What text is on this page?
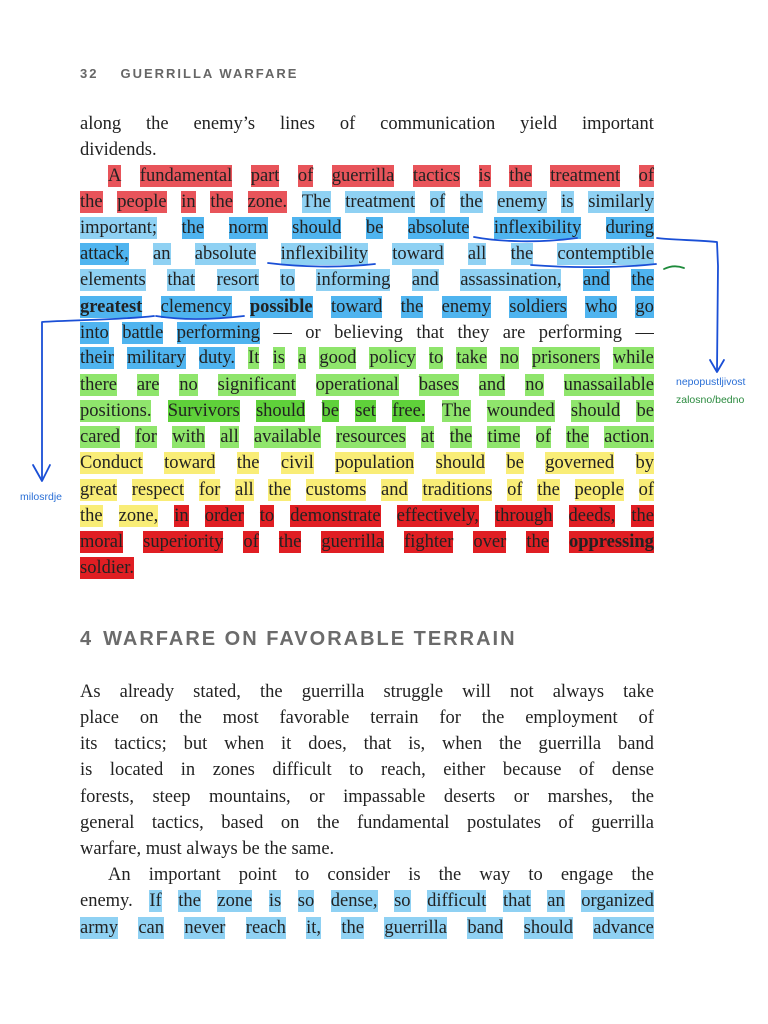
32 GUERRILLA WARFARE
along the enemy’s lines of communication yield important
dividends.
A fundamental part of guerrilla tactics is the treatment of
the people in the zone. The treatment of the enemy is similarly
important; the norm should be absolute inflexibility during
attack, an absolute inflexibility toward all the contemptible
elements that resort to informing and assassination, and the
greatest clemency possible toward the enemy soldiers who go
into battle performing — or believing that they are performing —
their military duty. It is a good policy to take no prisoners while
there are no significant operational bases and no unassailable
positions. Survivors should be set free. The wounded should be
cared for with all available resources at the time of the action.
Conduct toward the civil population should be governed by
great respect for all the customs and traditions of the people of
the zone, in order to demonstrate effectively, through deeds, the
moral superiority of the guerrilla fighter over the oppressing
soldier.
As already stated, the guerrilla struggle will not always take
place on the most favorable terrain for the employment of
its tactics; but when it does, that is, when the guerrilla band
is located in zones difficult to reach, either because of dense
forests, steep mountains, or impassable deserts or marshes, the
general tactics, based on the fundamental postulates of guerrilla
warfare, must always be the same.
An important point to consider is the way to engage the
enemy. If the zone is so dense, so difficult that an organized
army can never reach it, the guerrilla band should advance
4 WARFARE ON FAVORABLE TERRAIN
nepopustljivost
zalosno/bedno
milosrdje
